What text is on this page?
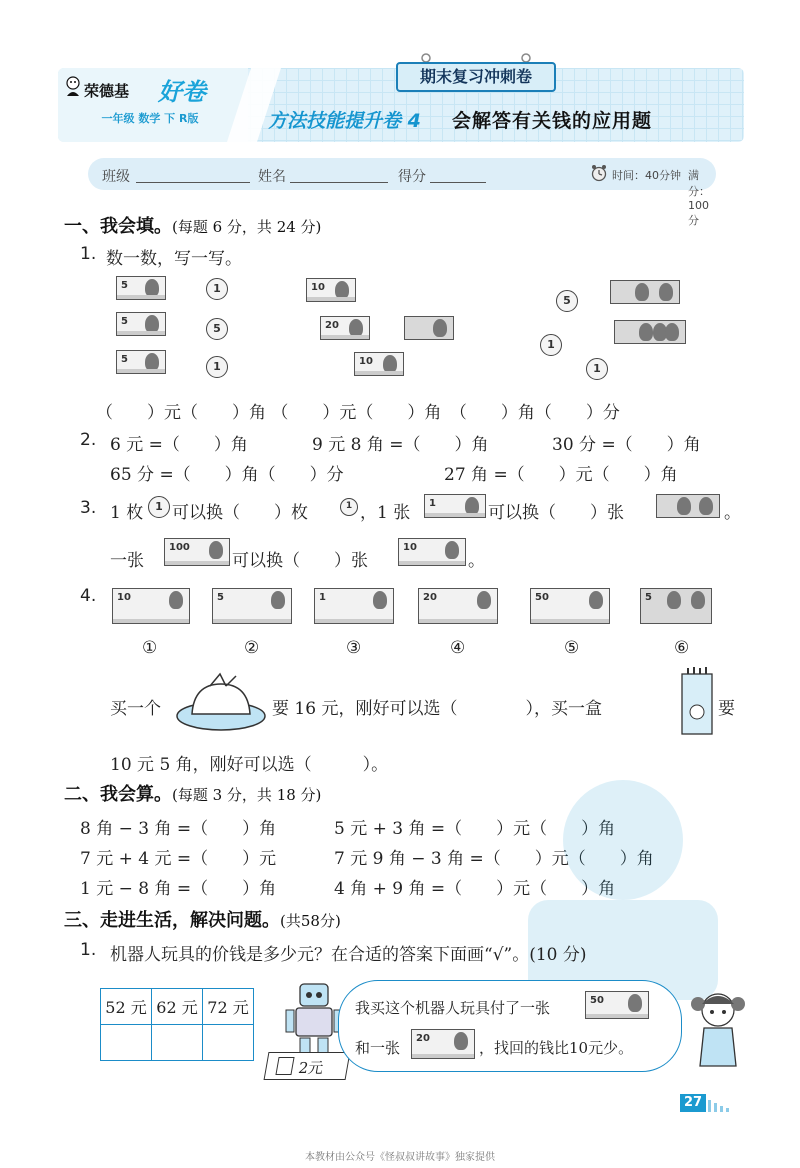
荣德基 好卷
一年级 数学 下 R版
期末复习冲刺卷
方法技能提升卷 4 会解答有关钱的应用题
班级	姓名	得分	时间：40分钟 满分：100分
一、我会填。(每题 6 分，共 24 分)
1. 数一数，写一写。
5
5
5
1
5
1
10
20
10
5
1
1
（　　）元（　　）角 （　　）元（　　）角　（　　）角（　　）分
2. 6 元 =（　　）角	9 元 8 角 =（　　）角	30 分 =（　　）角
65 分 =（　　）角（　　）分	27 角 =（　　）元（　　）角
3. 1 枚	1 可以换（　　）枚	1 ，1 张 1	可以换（　　）张	。
一张
100
可以换（　　）张
10
。
4. 10	5	1	20	50	5
①	②	③	④	⑤	⑥
买一个	要 16 元，刚好可以选（　　　　），买一盒	要
10 元 5 角，刚好可以选（　　　）。
二、我会算。(每题 3 分，共 18 分)
8 角 − 3 角 =（　　）角	5 元 + 3 角 =（　　）元（　　）角
7 元 + 4 元 =（　　）元	7 元 9 角 − 3 角 =（　　）元（　　）角
1 元 − 8 角 =（　　）角	4 角 + 9 角 =（　　）元（　　）角
三、走进生活，解决问题。(共58分)
1. 机器人玩具的价钱是多少元？在合适的答案下面画“√”。(10 分)
52 元	62 元	72 元

2元
我买这个机器人玩具付了一张	50
和一张
20
，找回的钱比10元少。
27
本教材由公众号《怪叔叔讲故事》独家提供
